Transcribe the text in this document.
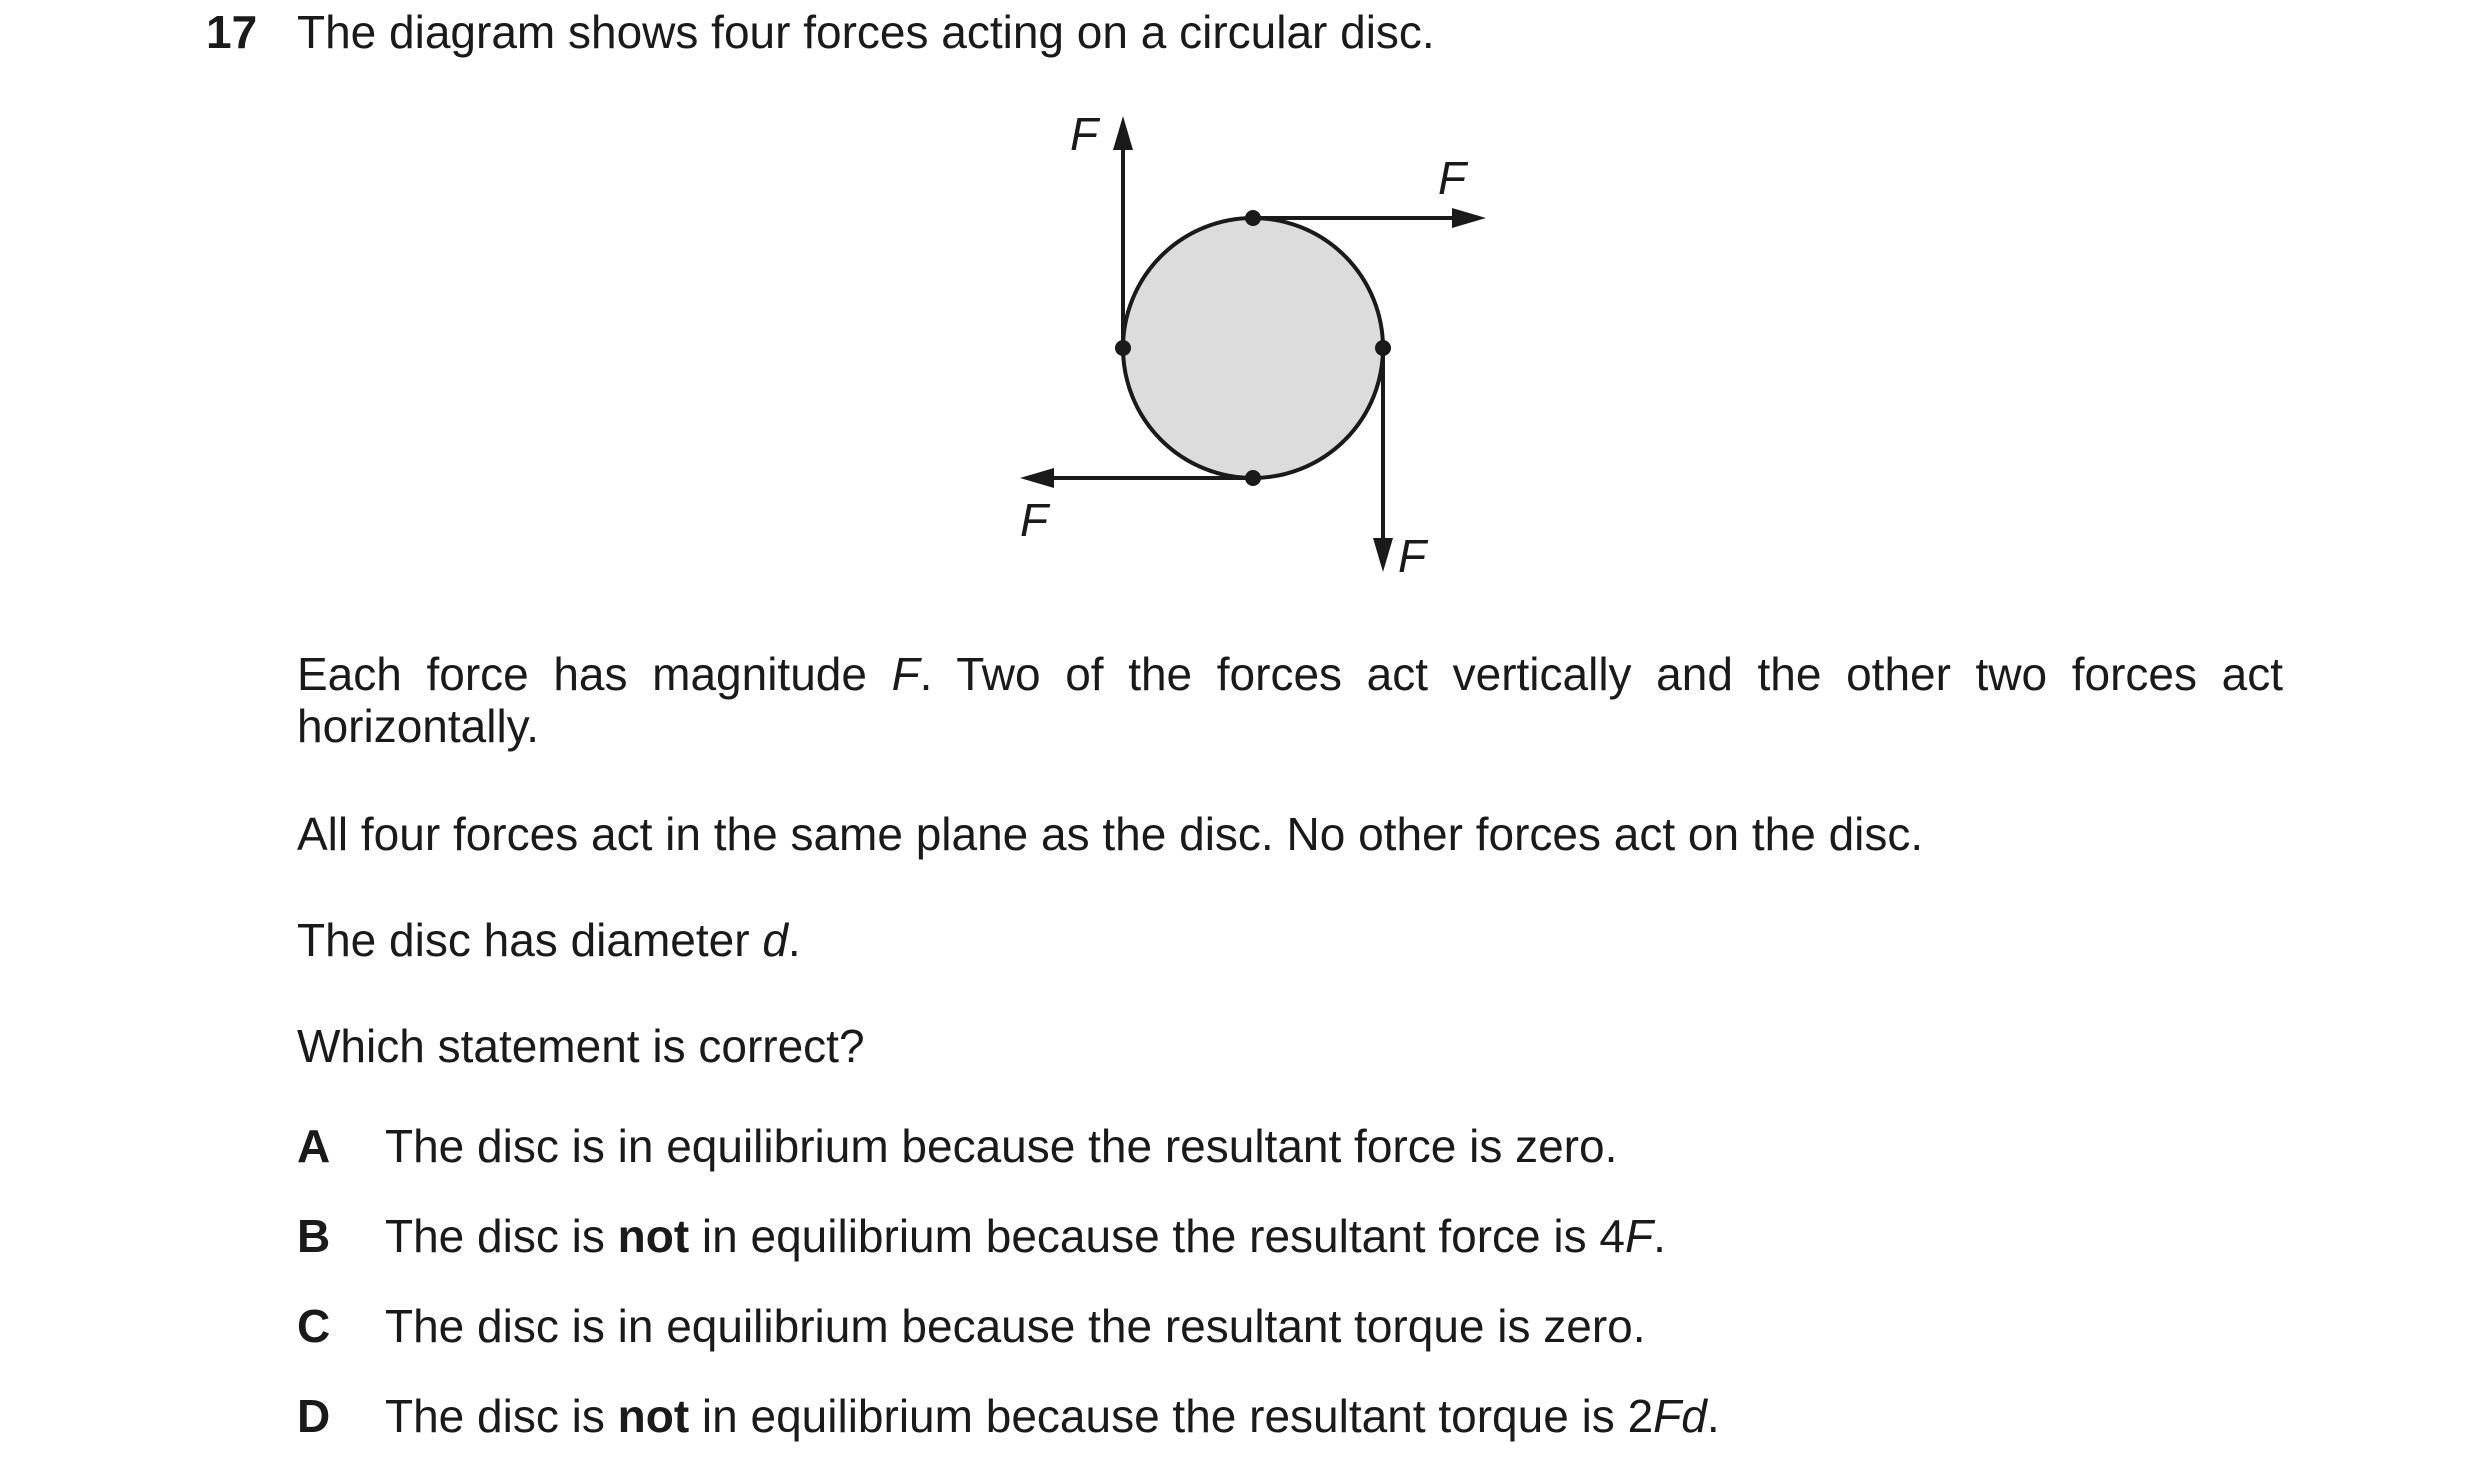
17 The diagram shows four forces acting on a circular disc.
F
F
F
F
Each force has magnitude F. Two of the forces act vertically and the other two forces act horizontally.
All four forces act in the same plane as the disc. No other forces act on the disc.
The disc has diameter d.
Which statement is correct?
A The disc is in equilibrium because the resultant force is zero.
B The disc is not in equilibrium because the resultant force is 4F.
C The disc is in equilibrium because the resultant torque is zero.
D The disc is not in equilibrium because the resultant torque is 2Fd.
